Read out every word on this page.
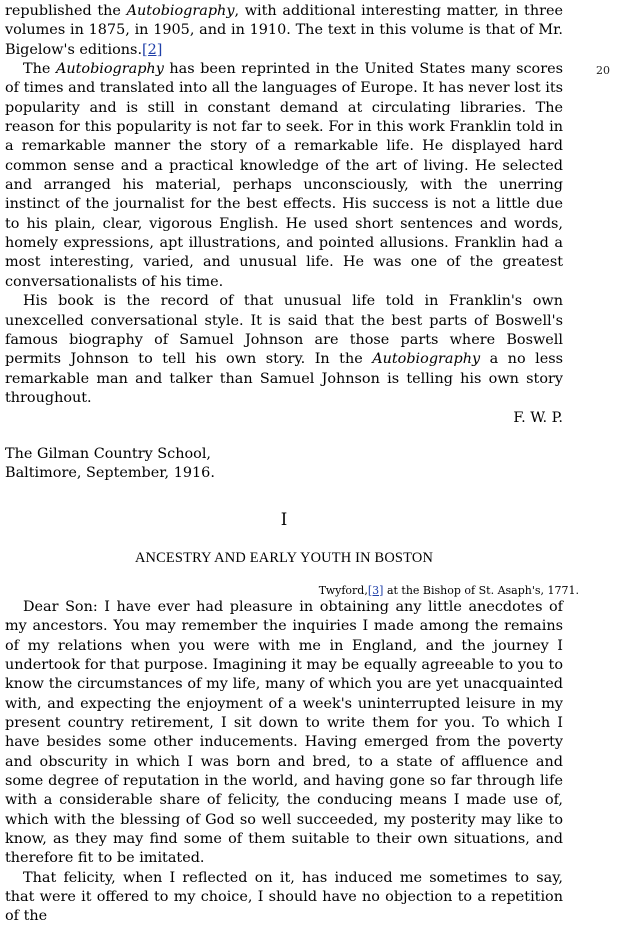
20

republished the Autobiography, with additional interesting matter, in three volumes in 1875, in 1905, and in 1910. The text in this volume is that of Mr. Bigelow's editions.[2]

The Autobiography has been reprinted in the United States many scores of times and translated into all the languages of Europe. It has never lost its popularity and is still in constant demand at circulating libraries. The reason for this popularity is not far to seek. For in this work Franklin told in a remarkable manner the story of a remarkable life. He displayed hard common sense and a practical knowledge of the art of living. He selected and arranged his material, perhaps unconsciously, with the unerring instinct of the journalist for the best effects. His success is not a little due to his plain, clear, vigorous English. He used short sentences and words, homely expressions, apt illustrations, and pointed allusions. Franklin had a most interesting, varied, and unusual life. He was one of the greatest conversationalists of his time.

His book is the record of that unusual life told in Franklin's own unexcelled conversational style. It is said that the best parts of Boswell's famous biography of Samuel Johnson are those parts where Boswell permits Johnson to tell his own story. In the Autobiography a no less remarkable man and talker than Samuel Johnson is telling his own story throughout.

F. W. P.
The Gilman Country School,
Baltimore, September, 1916.
I
ANCESTRY AND EARLY YOUTH IN BOSTON
Twyford,[3] at the Bishop of St. Asaph's, 1771.

Dear Son: I have ever had pleasure in obtaining any little anecdotes of my ancestors. You may remember the inquiries I made among the remains of my relations when you were with me in England, and the journey I undertook for that purpose. Imagining it may be equally agreeable to you to know the circumstances of my life, many of which you are yet unacquainted with, and expecting the enjoyment of a week's uninterrupted leisure in my present country retirement, I sit down to write them for you. To which I have besides some other inducements. Having emerged from the poverty and obscurity in which I was born and bred, to a state of affluence and some degree of reputation in the world, and having gone so far through life with a considerable share of felicity, the conducing means I made use of, which with the blessing of God so well succeeded, my posterity may like to know, as they may find some of them suitable to their own situations, and therefore fit to be imitated.

That felicity, when I reflected on it, has induced me sometimes to say, that were it offered to my choice, I should have no objection to a repetition of the
